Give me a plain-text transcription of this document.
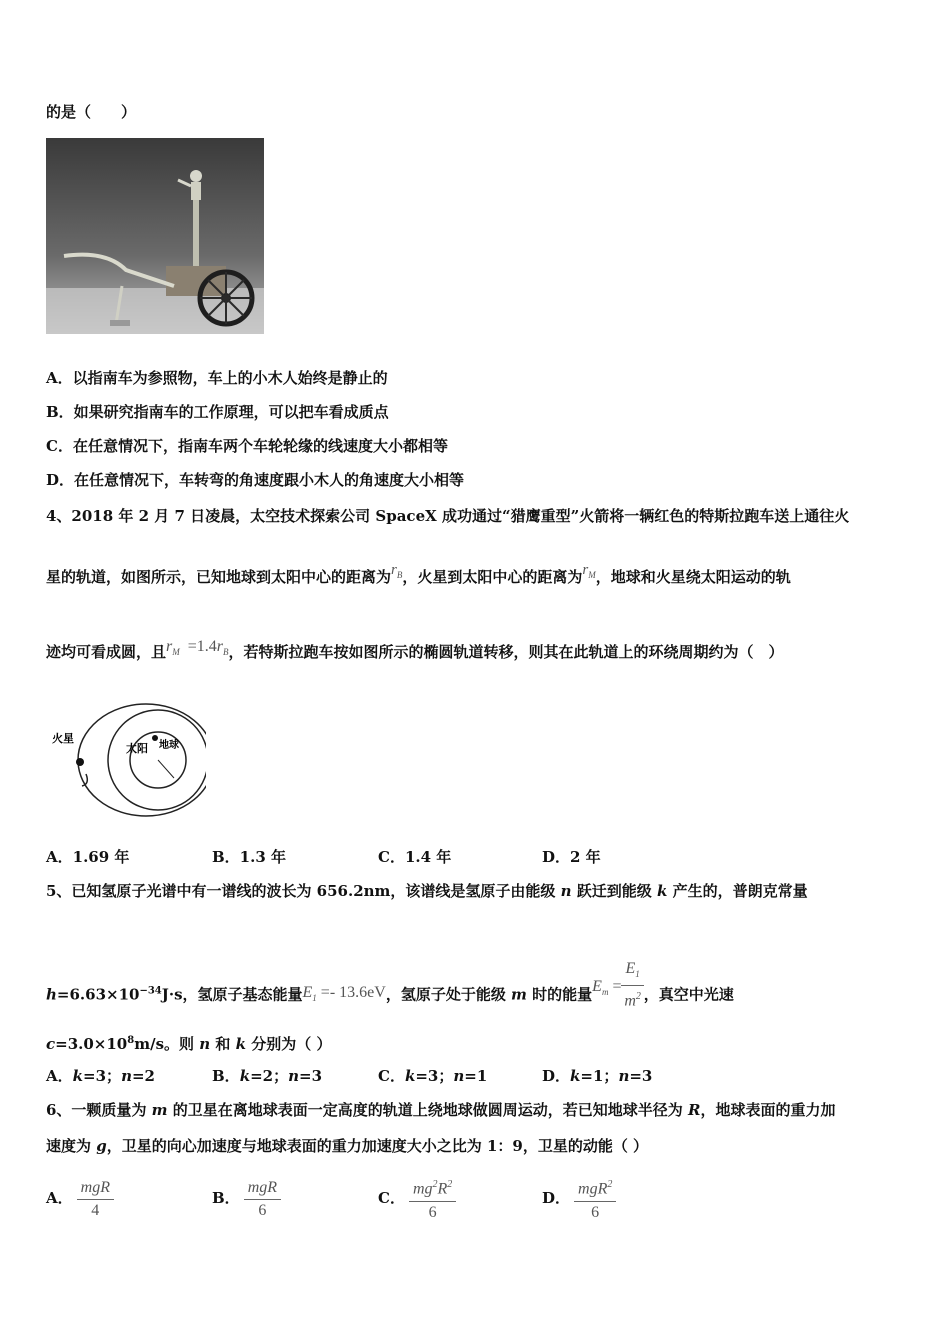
的是（　　）
A．以指南车为参照物，车上的小木人始终是静止的
B．如果研究指南车的工作原理，可以把车看成质点
C．在任意情况下，指南车两个车轮轮缘的线速度大小都相等
D．在任意情况下，车转弯的角速度跟小木人的角速度大小相等
4、2018 年 2 月 7 日凌晨，太空技术探索公司 SpaceX 成功通过“猎鹰重型”火箭将一辆红色的特斯拉跑车送上通往火
星的轨道，如图所示，已知地球到太阳中心的距离为$r_B$，火星到太阳中心的距离为$r_M$，地球和火星绕太阳运动的轨
迹均可看成圆，且$r_M =1.4r_B$，若特斯拉跑车按如图所示的椭圆轨道转移，则其在此轨道上的环绕周期约为（　）
火星
太阳 地球
A．1.69 年	B．1.3 年	C．1.4 年	D．2 年
5、已知氢原子光谱中有一谱线的波长为 656.2nm，该谱线是氢原子由能级 n 跃迁到能级 k 产生的，普朗克常量
$h=6.63\times 10^{-34}J\cdot s$，氢原子基态能量$E_1 =- 13.6eV$，氢原子处于能级 m 时的能量$E_m = \frac{E_1}{m^2}$ ，真空中光速
$c=3.0\times 10^8m/s$。则 n 和 k 分别为（ ）
A．k=3；n=2	B．k=2；n=3	C．k=3；n=1	D．k=1；n=3
6、一颗质量为 m 的卫星在离地球表面一定高度的轨道上绕地球做圆周运动，若已知地球半径为 R，地球表面的重力加
速度为 g，卫星的向心加速度与地球表面的重力加速度大小之比为 1：9，卫星的动能（ ）
A． $\frac{\text{mgR}}{4}$	B． $\frac{\text{mgR}}{6}$	C． $\frac{mg^2R^2}{6}$	D． $\frac{mgR^2}{6}$
